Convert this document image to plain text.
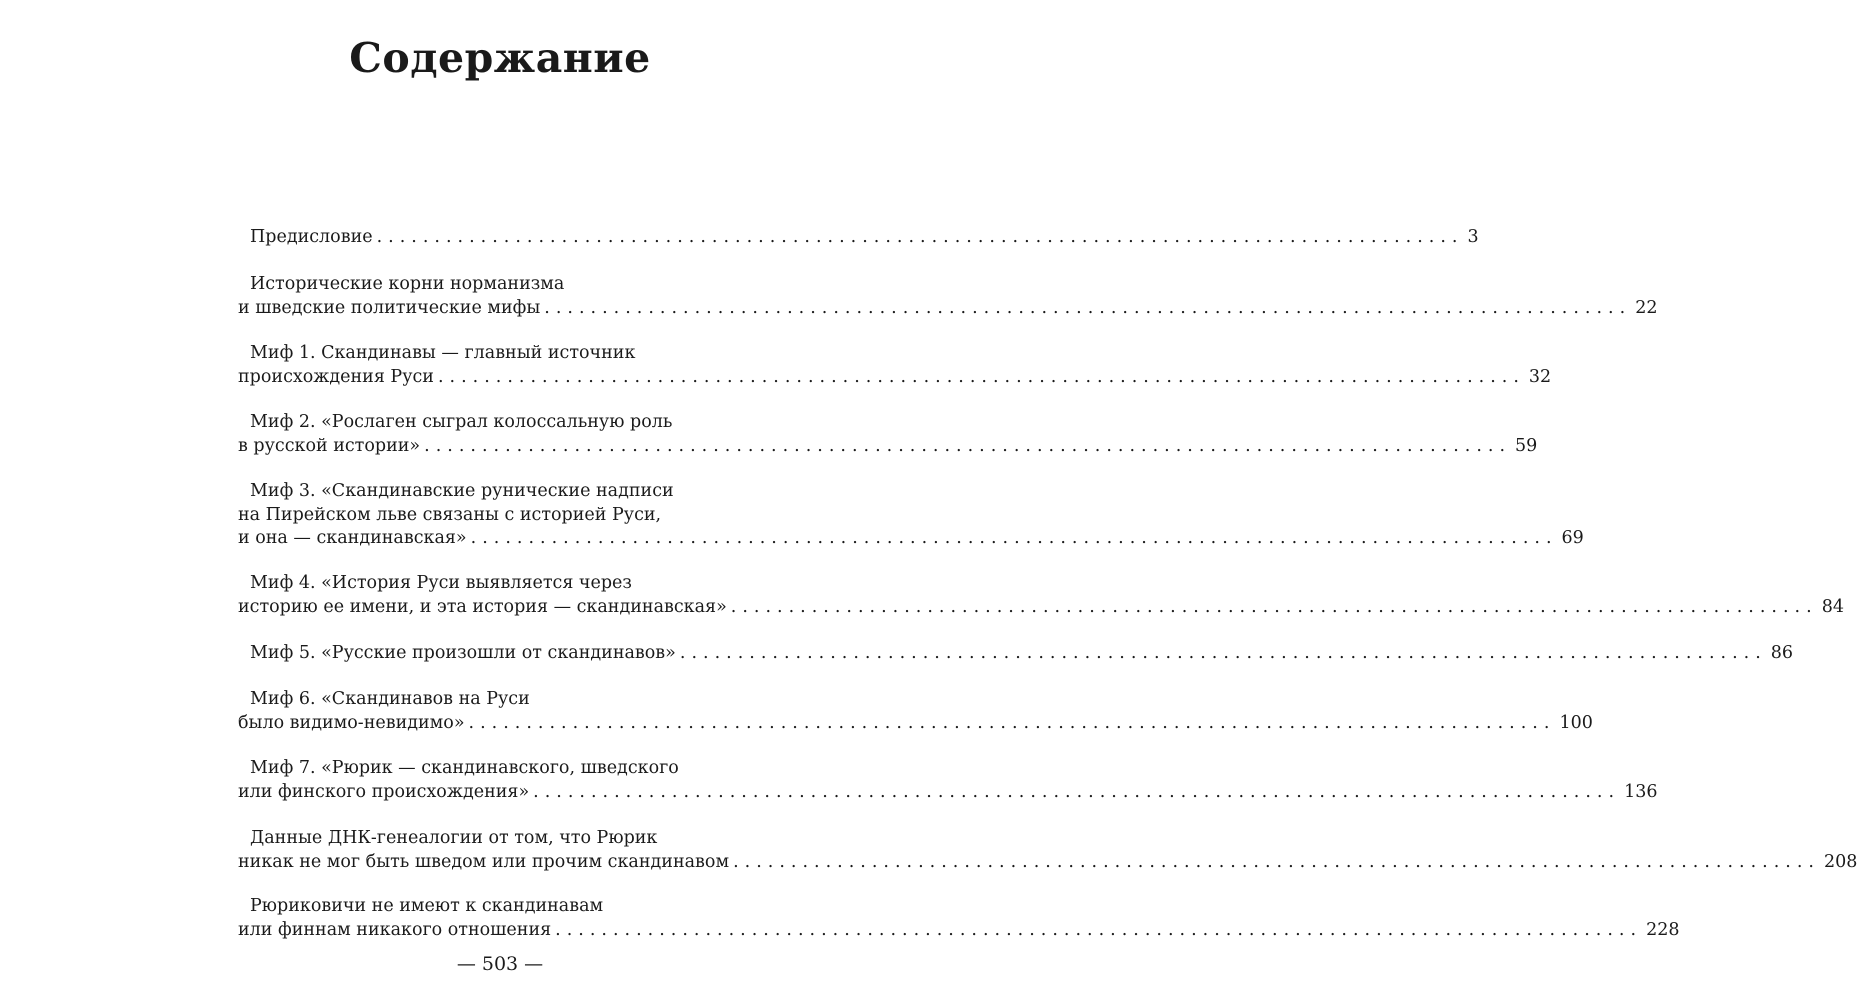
Содержание
Предисловие .............................................................................................. 3
Исторические корни норманизма
и шведские политические мифы .............................................................................................. 22
Миф 1. Скандинавы — главный источник
происхождения Руси .............................................................................................. 32
Миф 2. «Рослаген сыграл колоссальную роль
в русской истории» .............................................................................................. 59
Миф 3. «Скандинавские рунические надписи
на Пирейском льве связаны с историей Руси,
и она — скандинавская» .............................................................................................. 69
Миф 4. «История Руси выявляется через
историю ее имени, и эта история — скандинавская» .............................................................................................. 84
Миф 5. «Русские произошли от скандинавов» .............................................................................................. 86
Миф 6. «Скандинавов на Руси
было видимо-невидимо» .............................................................................................. 100
Миф 7. «Рюрик — скандинавского, шведского
или финского происхождения» .............................................................................................. 136
Данные ДНК-генеалогии от том, что Рюрик
никак не мог быть шведом или прочим скандинавом .............................................................................................. 208
Рюриковичи не имеют к скандинавам
или финнам никакого отношения .............................................................................................. 228
— 503 —
